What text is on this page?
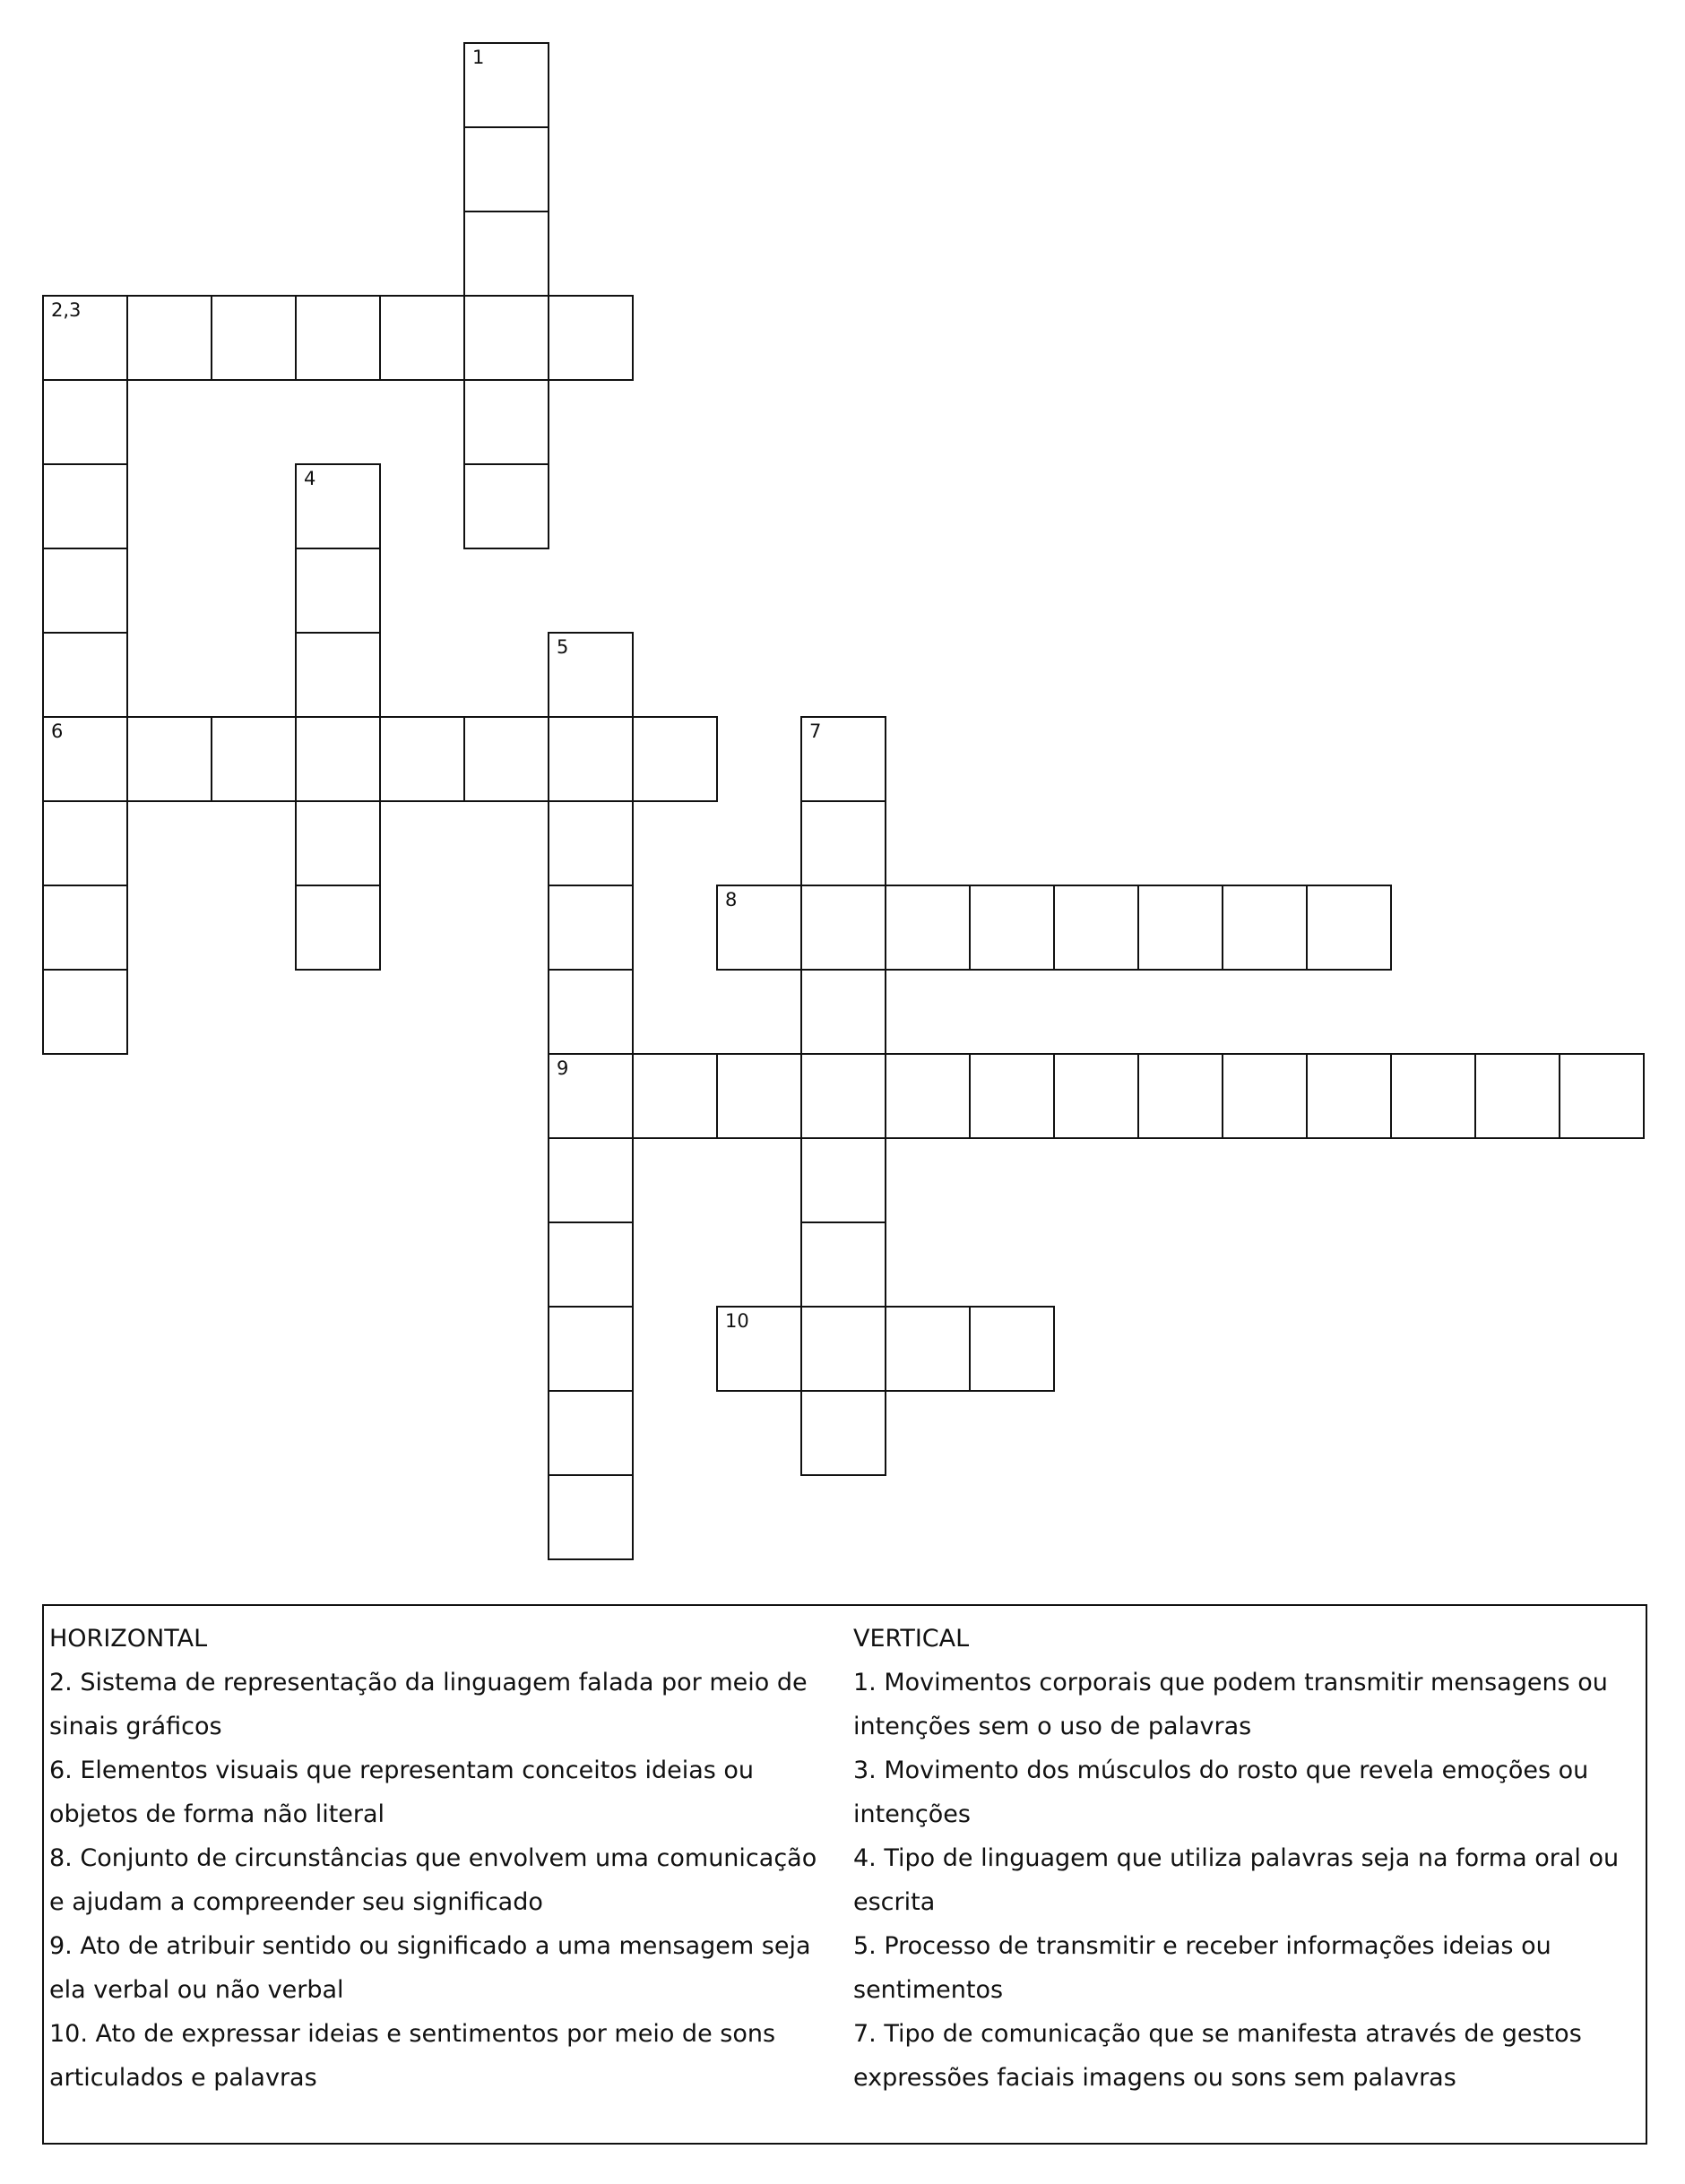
1
2,3
4
5
6	7
8
9
10

HORIZONTAL

2. Sistema de representação da linguagem falada por meio de sinais gráficos

6. Elementos visuais que representam conceitos ideias ou objetos de forma não literal

8. Conjunto de circunstâncias que envolvem uma comunicação e ajudam a compreender seu significado

9. Ato de atribuir sentido ou significado a uma mensagem seja ela verbal ou não verbal

10. Ato de expressar ideias e sentimentos por meio de sons articulados e palavras

VERTICAL

1. Movimentos corporais que podem transmitir mensagens ou intenções sem o uso de palavras

3. Movimento dos músculos do rosto que revela emoções ou intenções

4. Tipo de linguagem que utiliza palavras seja na forma oral ou escrita

5. Processo de transmitir e receber informações ideias ou sentimentos

7. Tipo de comunicação que se manifesta através de gestos expressões faciais imagens ou sons sem palavras
